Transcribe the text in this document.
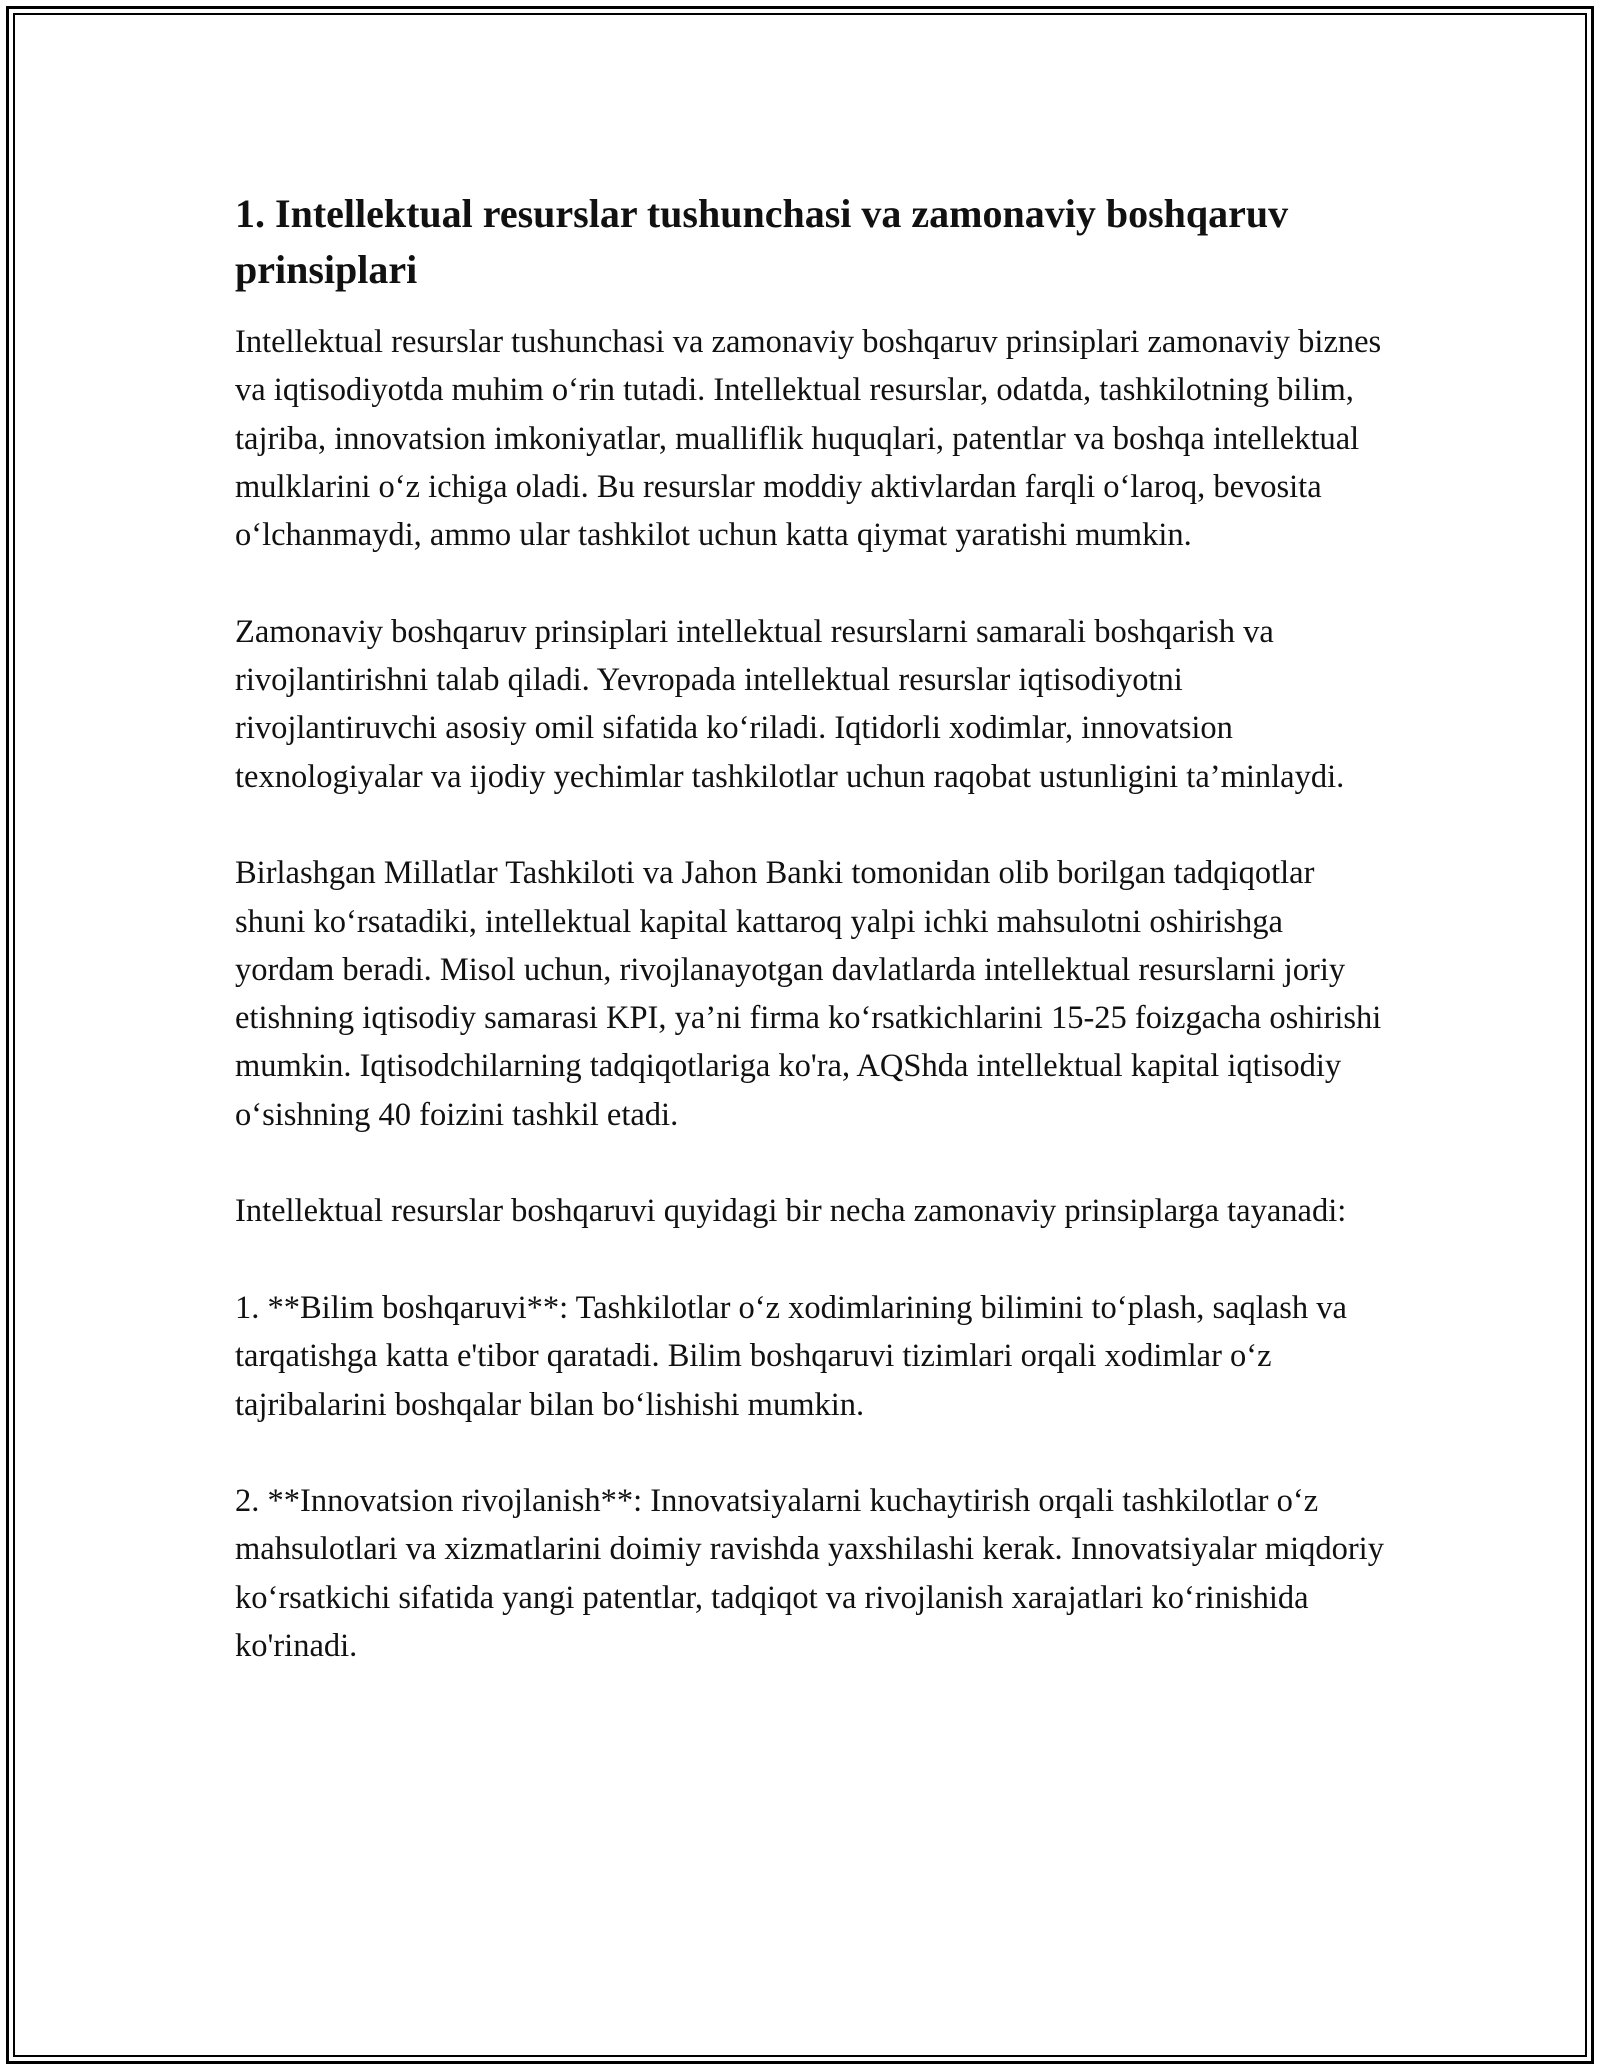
1. Intellektual resurslar tushunchasi va zamonaviy boshqaruv prinsiplari

Intellektual resurslar tushunchasi va zamonaviy boshqaruv prinsiplari zamonaviy biznes va iqtisodiyotda muhim o‘rin tutadi. Intellektual resurslar, odatda, tashkilotning bilim, tajriba, innovatsion imkoniyatlar, mualliflik huquqlari, patentlar va boshqa intellektual mulklarini o‘z ichiga oladi. Bu resurslar moddiy aktivlardan farqli o‘laroq, bevosita o‘lchanmaydi, ammo ular tashkilot uchun katta qiymat yaratishi mumkin.

Zamonaviy boshqaruv prinsiplari intellektual resurslarni samarali boshqarish va rivojlantirishni talab qiladi. Yevropada intellektual resurslar iqtisodiyotni rivojlantiruvchi asosiy omil sifatida ko‘riladi. Iqtidorli xodimlar, innovatsion texnologiyalar va ijodiy yechimlar tashkilotlar uchun raqobat ustunligini ta’minlaydi.

Birlashgan Millatlar Tashkiloti va Jahon Banki tomonidan olib borilgan tadqiqotlar shuni ko‘rsatadiki, intellektual kapital kattaroq yalpi ichki mahsulotni oshirishga yordam beradi. Misol uchun, rivojlanayotgan davlatlarda intellektual resurslarni joriy etishning iqtisodiy samarasi KPI, ya’ni firma ko‘rsatkichlarini 15-25 foizgacha oshirishi mumkin. Iqtisodchilarning tadqiqotlariga ko'ra, AQShda intellektual kapital iqtisodiy o‘sishning 40 foizini tashkil etadi.

Intellektual resurslar boshqaruvi quyidagi bir necha zamonaviy prinsiplarga tayanadi:

1. **Bilim boshqaruvi**: Tashkilotlar o‘z xodimlarining bilimini to‘plash, saqlash va tarqatishga katta e'tibor qaratadi. Bilim boshqaruvi tizimlari orqali xodimlar o‘z tajribalarini boshqalar bilan bo‘lishishi mumkin.

2. **Innovatsion rivojlanish**: Innovatsiyalarni kuchaytirish orqali tashkilotlar o‘z mahsulotlari va xizmatlarini doimiy ravishda yaxshilashi kerak. Innovatsiyalar miqdoriy ko‘rsatkichi sifatida yangi patentlar, tadqiqot va rivojlanish xarajatlari ko‘rinishida ko'rinadi.
